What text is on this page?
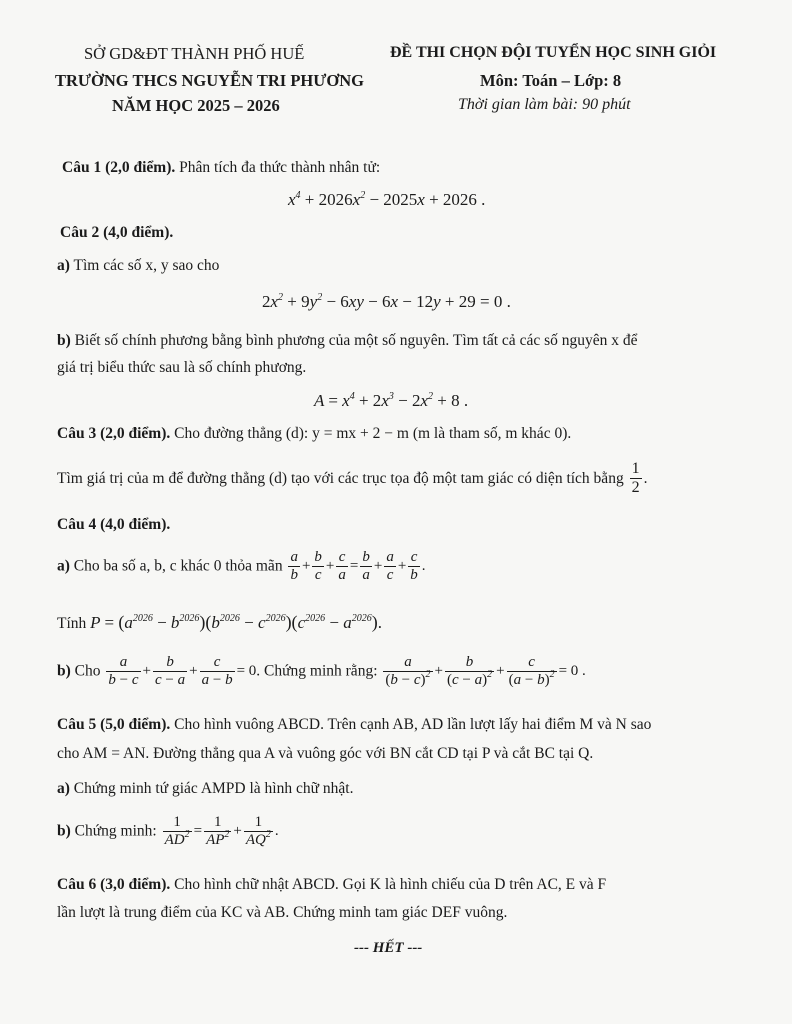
SỞ GD&ĐT THÀNH PHỐ HUẾ
TRƯỜNG THCS NGUYỄN TRI PHƯƠNG
NĂM HỌC 2025 – 2026
ĐỀ THI CHỌN ĐỘI TUYỂN HỌC SINH GIỎI
Môn: Toán – Lớp: 8
Thời gian làm bài: 90 phút
Câu 1 (2,0 điểm). Phân tích đa thức thành nhân tử:
$x^4 + 2026x^2 - 2025x + 2026$ .
Câu 2 (4,0 điểm).
a) Tìm các số x, y sao cho
$2x^2 + 9y^2 - 6xy - 6x - 12y + 29 = 0$ .
b) Biết số chính phương bằng bình phương của một số nguyên. Tìm tất cả các số nguyên x để
giá trị biểu thức sau là số chính phương.
$A = x^4 + 2x^3 - 2x^2 + 8$ .
Câu 3 (2,0 điểm). Cho đường thẳng (d): y = mx + 2 − m (m là tham số, m khác 0).
Tìm giá trị của m để đường thẳng (d) tạo với các trục tọa độ một tam giác có diện tích bằng $\frac{1}{2}$ .
Câu 4 (4,0 điểm).
a) Cho ba số a, b, c khác 0 thỏa mãn $\frac{a}{b} + \frac{b}{c} + \frac{c}{a} = \frac{b}{a} + \frac{a}{c} + \frac{c}{b}$ .
Tính $P = (a^{2026} - b^{2026})(b^{2026} - c^{2026})(c^{2026} - a^{2026})$.
b) Cho $\frac{a}{b - c} + \frac{b}{c - a} + \frac{c}{a - b} = 0$. Chứng minh rằng: $\frac{a}{(b - c)^2} + \frac{b}{(c - a)^2} + \frac{c}{(a - b)^2} = 0$ .
Câu 5 (5,0 điểm). Cho hình vuông ABCD. Trên cạnh AB, AD lần lượt lấy hai điểm M và N sao
cho AM = AN. Đường thẳng qua A và vuông góc với BN cắt CD tại P và cắt BC tại Q.
a) Chứng minh tứ giác AMPD là hình chữ nhật.
b) Chứng minh: $\frac{1}{AD^2} = \frac{1}{AP^2} + \frac{1}{AQ^2}$ .
Câu 6 (3,0 điểm). Cho hình chữ nhật ABCD. Gọi K là hình chiếu của D trên AC, E và F
lần lượt là trung điểm của KC và AB. Chứng minh tam giác DEF vuông.
--- HẾT ---
